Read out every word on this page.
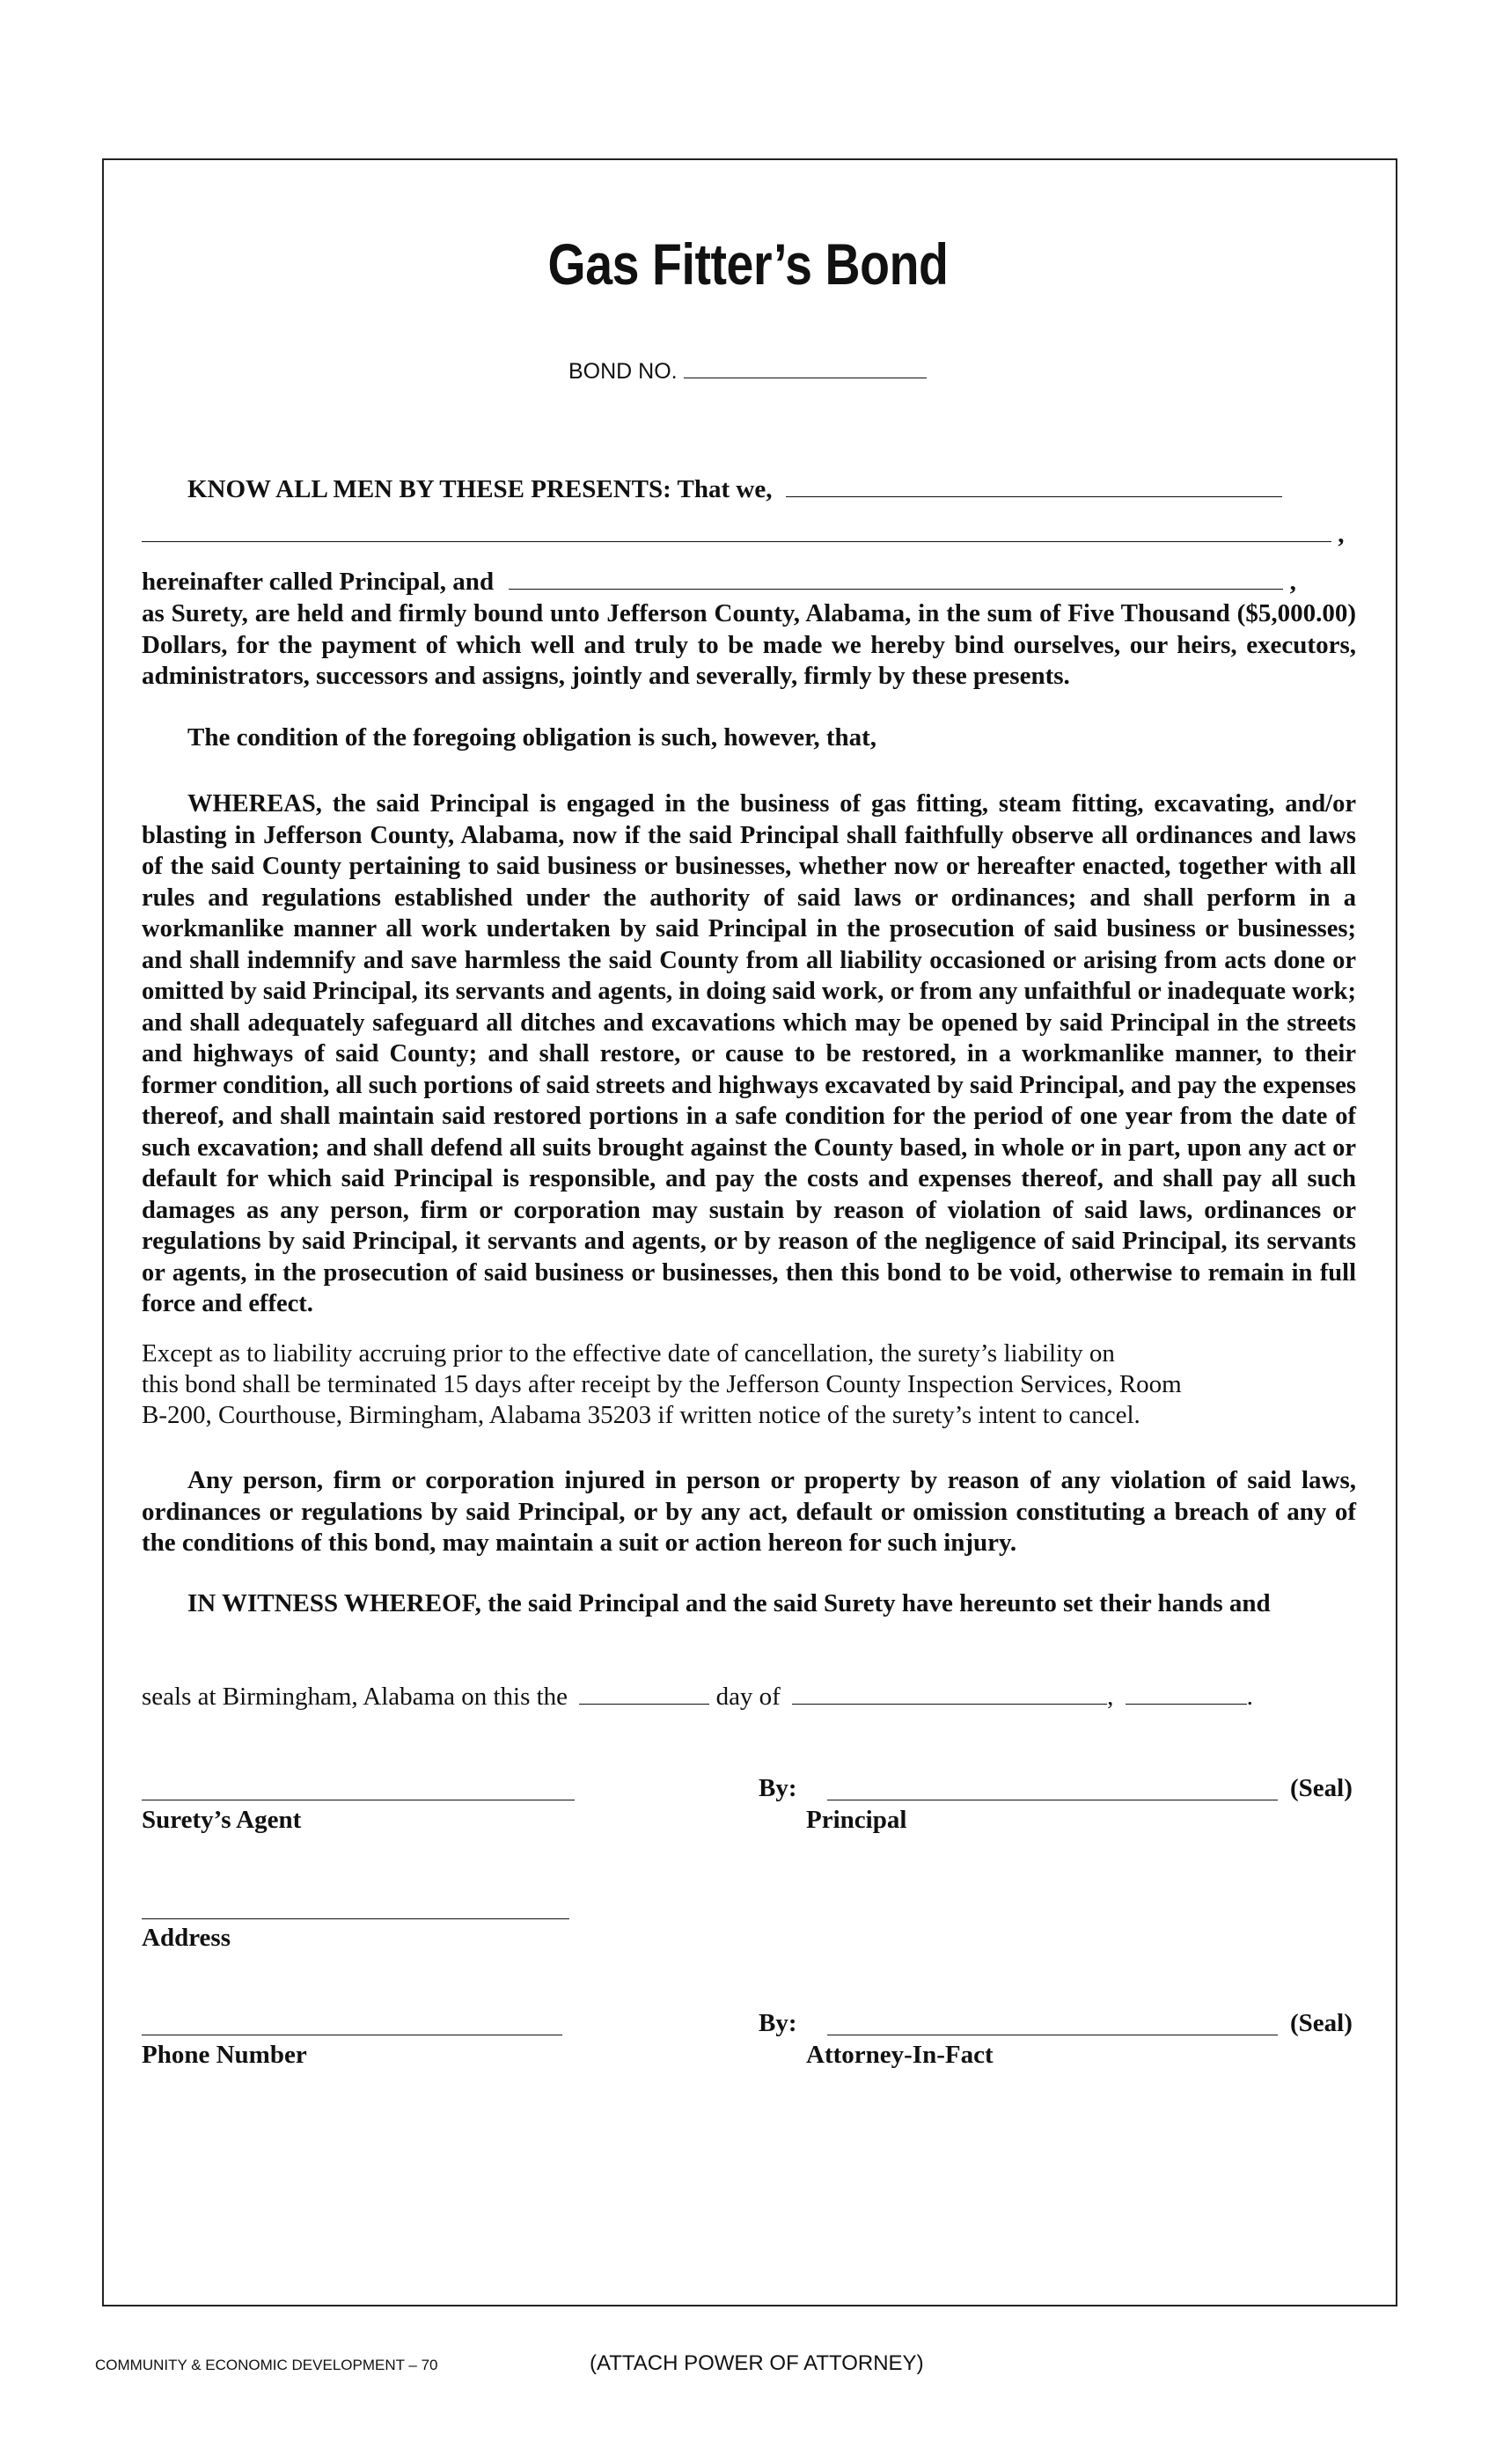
Gas Fitter’s Bond
BOND NO.
KNOW ALL MEN BY THESE PRESENTS: That we,
,
hereinafter called Principal, and	,
as Surety, are held and firmly bound unto Jefferson County, Alabama, in the sum of Five Thousand ($5,000.00) Dollars, for the payment of which well and truly to be made we hereby bind ourselves, our heirs, executors, administrators, successors and assigns, jointly and severally, firmly by these presents.
The condition of the foregoing obligation is such, however, that,
WHEREAS, the said Principal is engaged in the business of gas fitting, steam fitting, excavating, and/or blasting in Jefferson County, Alabama, now if the said Principal shall faithfully observe all ordinances and laws of the said County pertaining to said business or businesses, whether now or hereafter enacted, together with all rules and regulations established under the authority of said laws or ordinances; and shall perform in a workmanlike manner all work undertaken by said Principal in the prosecution of said business or businesses; and shall indemnify and save harmless the said County from all liability occasioned or arising from acts done or omitted by said Principal, its servants and agents, in doing said work, or from any unfaithful or inadequate work; and shall adequately safeguard all ditches and excavations which may be opened by said Principal in the streets and highways of said County; and shall restore, or cause to be restored, in a workmanlike manner, to their former condition, all such portions of said streets and highways excavated by said Principal, and pay the expenses thereof, and shall maintain said restored portions in a safe condition for the period of one year from the date of such excavation; and shall defend all suits brought against the County based, in whole or in part, upon any act or default for which said Principal is responsible, and pay the costs and expenses thereof, and shall pay all such damages as any person, firm or corporation may sustain by reason of violation of said laws, ordinances or regulations by said Principal, it servants and agents, or by reason of the negligence of said Principal, its servants or agents, in the prosecution of said business or businesses, then this bond to be void, otherwise to remain in full force and effect.
Except as to liability accruing prior to the effective date of cancellation, the surety’s liability on
this bond shall be terminated 15 days after receipt by the Jefferson County Inspection Services, Room
B-200, Courthouse, Birmingham, Alabama 35203 if written notice of the surety’s intent to cancel.
Any person, firm or corporation injured in person or property by reason of any violation of said laws, ordinances or regulations by said Principal, or by any act, default or omission constituting a breach of any of the conditions of this bond, may maintain a suit or action hereon for such injury.
IN WITNESS WHEREOF, the said Principal and the said Surety have hereunto set their hands and
seals at Birmingham, Alabama on this the	day of	,	.
Surety’s Agent
By:	(Seal)
Principal
Address
Phone Number
By:	(Seal)
Attorney-In-Fact
COMMUNITY & ECONOMIC DEVELOPMENT – 70	(ATTACH POWER OF ATTORNEY)
